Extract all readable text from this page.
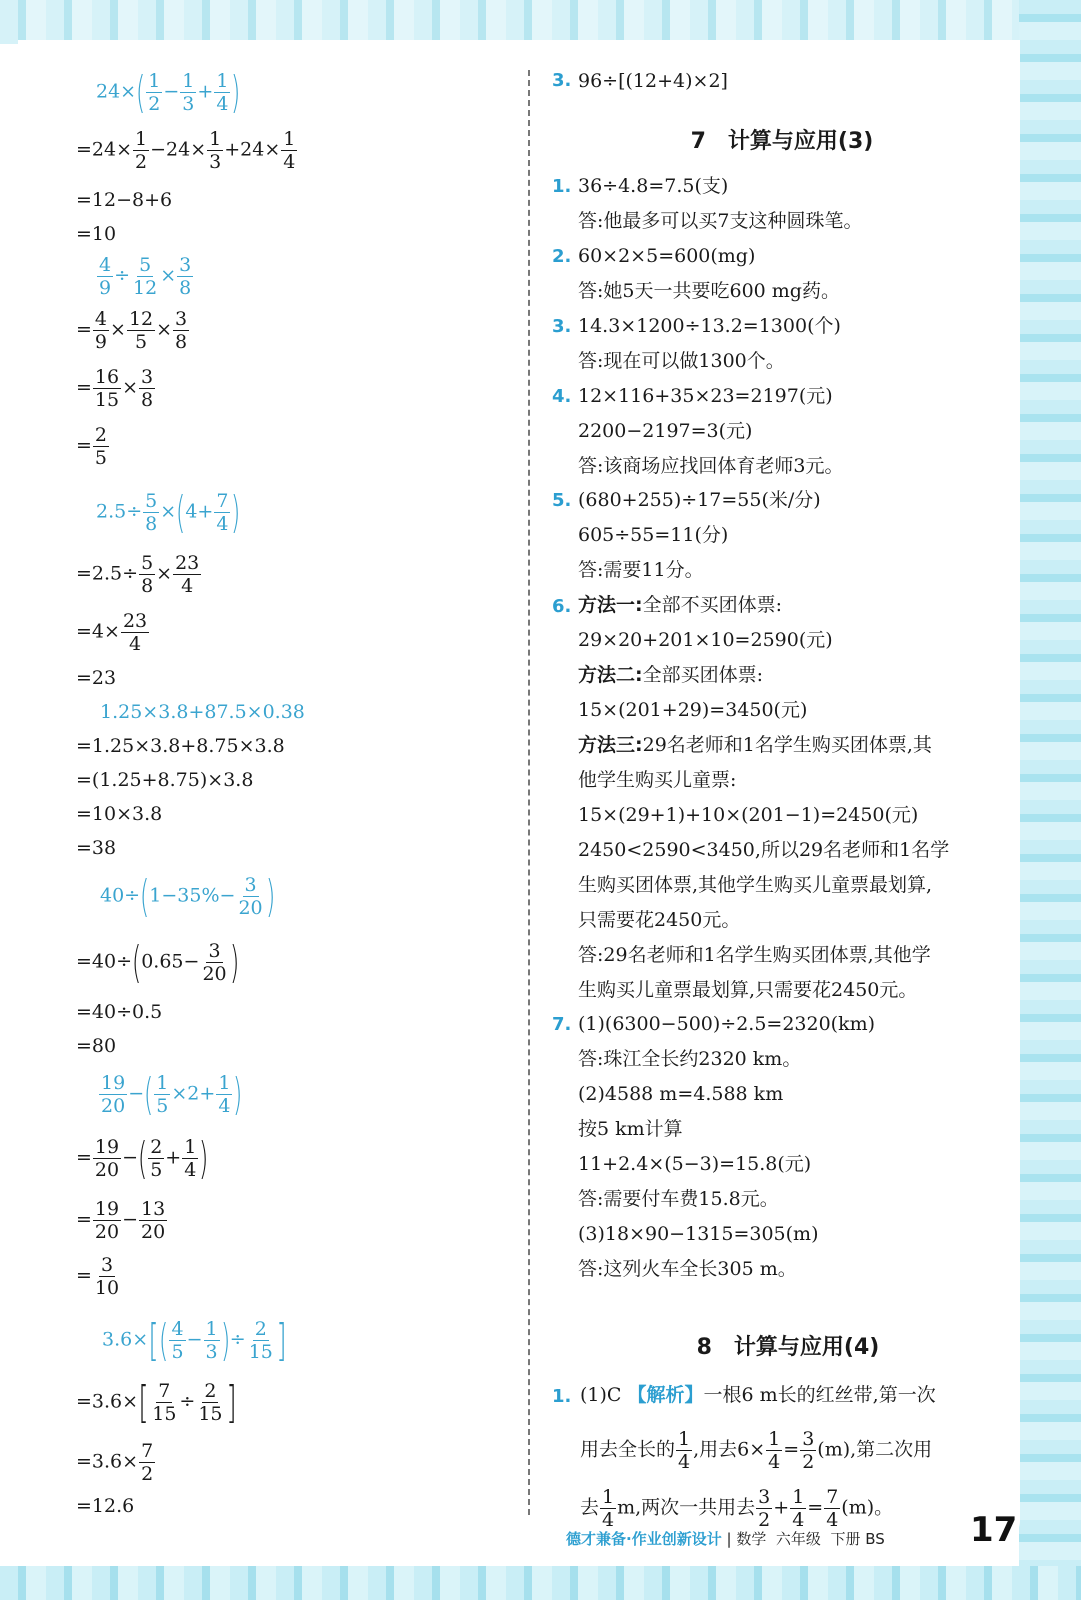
$24\times( \frac{1}{2} - \frac{1}{3} + \frac{1}{4}$ )
$=24\times \frac{1}{2} -24\times \frac{1}{3} +24\times \frac{1}{4}$
=12−8+6
=10
$\frac{4}{9} \div \frac{5}{12} \times \frac{3}{8}$
= $\frac{4}{9} \times \frac{12}{5} \times \frac{3}{8}$
= $\frac{16}{15} \times \frac{3}{8}$
= $\frac{2}{5}$
$2.5\div \frac{5}{8} \times(4+ \frac{7}{4}$ )
$=2.5\div \frac{5}{8} \times \frac{23}{4}$
$=4\times \frac{23}{4}$
=23
1.25×3.8+87.5×0.38
=1.25×3.8+8.75×3.8
=(1.25+8.75)×3.8
=10×3.8
=38
$40\div(1-35\%- \frac{3}{20}$ )
$=40\div(0.65- \frac{3}{20}$ )
=40÷0.5
=80
$\frac{19}{20}$ −( $\frac{1}{5} \times 2+ \frac{1}{4}$ )
= $\frac{19}{20}$ −( $\frac{2}{5} + \frac{1}{4}$ )
= $\frac{19}{20} - \frac{13}{20}$
= $\frac{3}{10}$
$3.6\times[( \frac{4}{5} - \frac{1}{3}$ )÷ $\frac{2}{15}$ ]
$=3.6\times[ \frac{7}{15} \div \frac{2}{15}$ ]
$=3.6\times \frac{7}{2}$
=12.6
3. 96÷[(12+4)×2]
7　计算与应用(3)
1. 36÷4.8=7.5(支)
答:他最多可以买7支这种圆珠笔。
2. 60×2×5=600(mg)
答:她5天一共要吃600 mg药。
3. 14.3×1200÷13.2=1300(个)
答:现在可以做1300个。
4. 12×116+35×23=2197(元)
2200−2197=3(元)
答:该商场应找回体育老师3元。
5. (680+255)÷17=55(米/分)
605÷55=11(分)
答:需要11分。
6. 方法一:全部不买团体票:
29×20+201×10=2590(元)
方法二:全部买团体票:
15×(201+29)=3450(元)
方法三:29名老师和1名学生购买团体票,其
他学生购买儿童票:
15×(29+1)+10×(201−1)=2450(元)
2450<2590<3450,所以29名老师和1名学
生购买团体票,其他学生购买儿童票最划算,
只需要花2450元。
答:29名老师和1名学生购买团体票,其他学
生购买儿童票最划算,只需要花2450元。
7. (1)(6300−500)÷2.5=2320(km)
答:珠江全长约2320 km。
(2)4588 m=4.588 km
按5 km计算
11+2.4×(5−3)=15.8(元)
答:需要付车费15.8元。
(3)18×90−1315=305(m)
答:这列火车全长305 m。
8　计算与应用(4)
1. (1)C 【解析】一根6 m长的红丝带,第一次
用去全长的 $\frac{1}{4}$ ,用去$6\times \frac{1}{4} = \frac{3}{2} (m)$,第二次用
去 $\frac{1}{4} m$,两次一共用去 $\frac{3}{2} + \frac{1}{4} = \frac{7}{4} (m)$。
德才兼备·作业创新设计 | 数学 六年级 下册 BS	17
